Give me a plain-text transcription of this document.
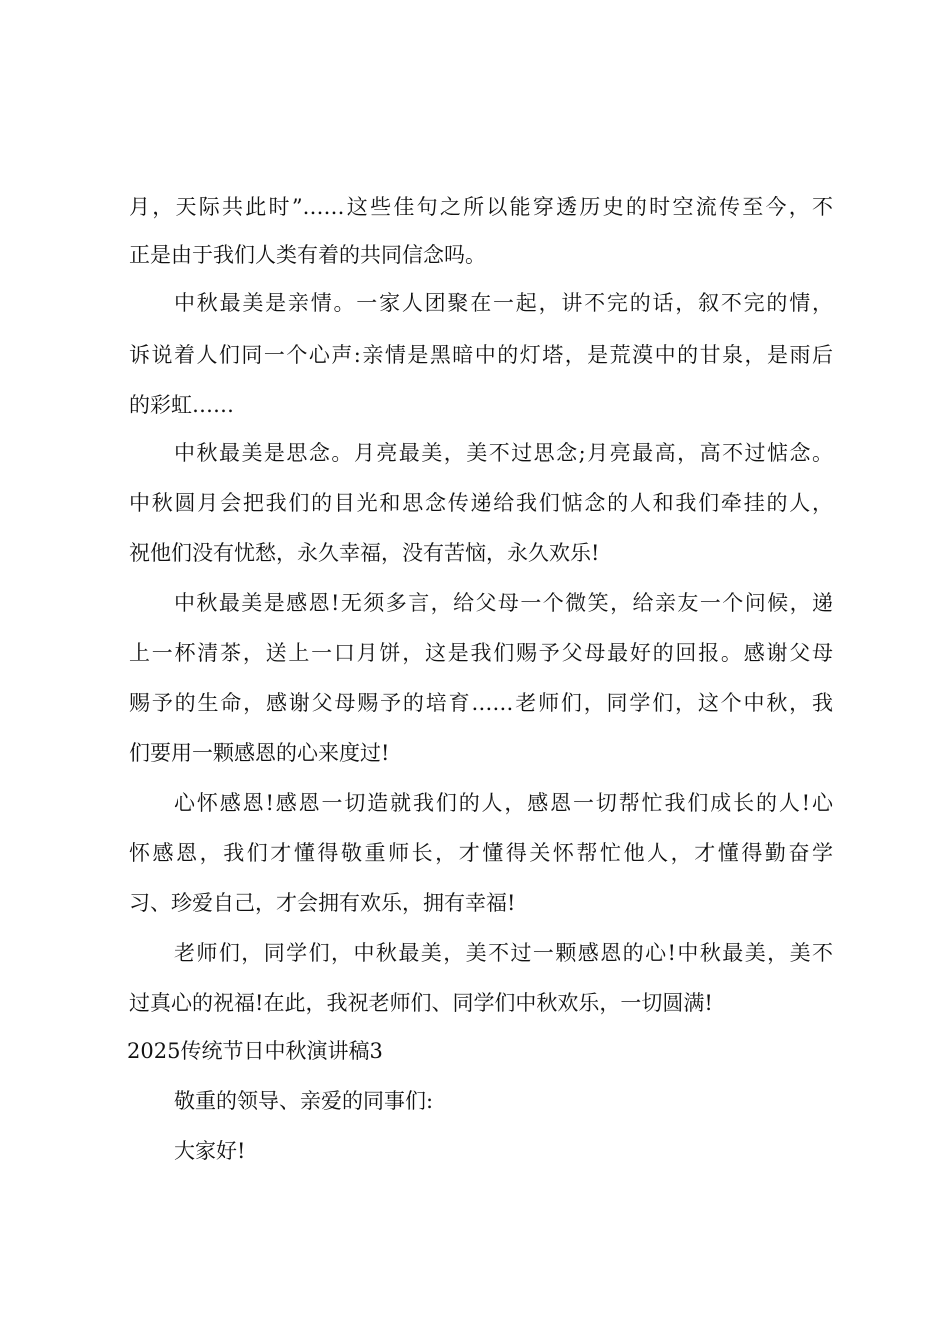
月，天际共此时”……这些佳句之所以能穿透历史的时空流传至今，不
正是由于我们人类有着的共同信念吗。
中秋最美是亲情。一家人团聚在一起，讲不完的话，叙不完的情，
诉说着人们同一个心声:亲情是黑暗中的灯塔，是荒漠中的甘泉，是雨后
的彩虹……
中秋最美是思念。月亮最美，美不过思念;月亮最高，高不过惦念。
中秋圆月会把我们的目光和思念传递给我们惦念的人和我们牵挂的人，
祝他们没有忧愁，永久幸福，没有苦恼，永久欢乐!
中秋最美是感恩!无须多言，给父母一个微笑，给亲友一个问候，递
上一杯清茶，送上一口月饼，这是我们赐予父母最好的回报。感谢父母
赐予的生命，感谢父母赐予的培育……老师们，同学们，这个中秋，我
们要用一颗感恩的心来度过!
心怀感恩!感恩一切造就我们的人，感恩一切帮忙我们成长的人!心
怀感恩，我们才懂得敬重师长，才懂得关怀帮忙他人，才懂得勤奋学
习、珍爱自己，才会拥有欢乐，拥有幸福!
老师们，同学们，中秋最美，美不过一颗感恩的心!中秋最美，美不
过真心的祝福!在此，我祝老师们、同学们中秋欢乐，一切圆满!
2025传统节日中秋演讲稿3
敬重的领导、亲爱的同事们:
大家好!
